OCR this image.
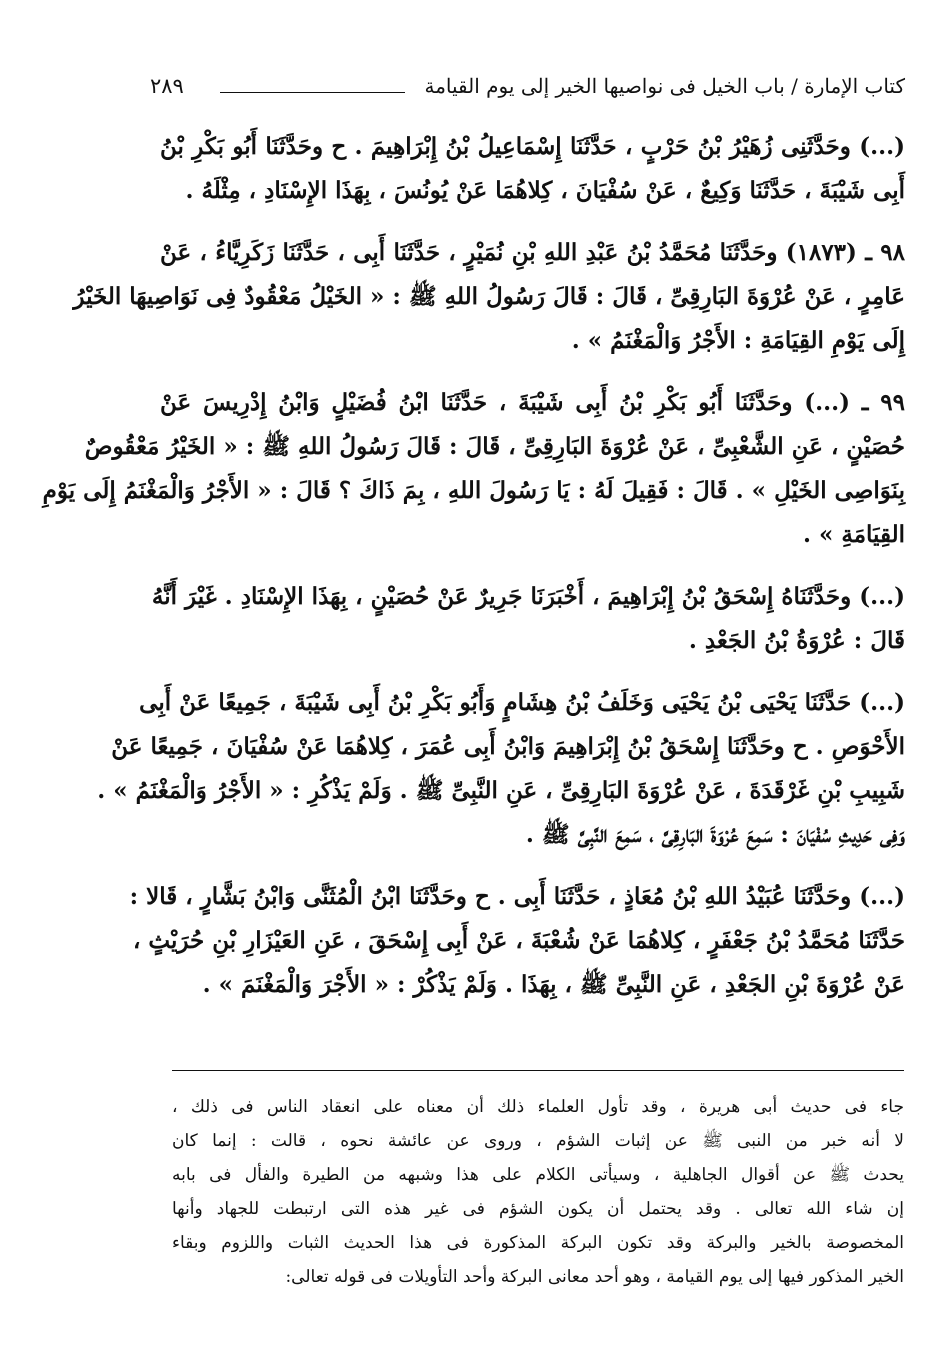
٢٨٩	كتاب الإمارة / باب الخيل فى نواصيها الخير إلى يوم القيامة
(...) وحَدَّثَنِى زُهَيْرُ بْنُ حَرْبٍ ، حَدَّثَنَا إِسْمَاعِيلُ بْنُ إِبْرَاهِيمَ . ح وحَدَّثَنَا أَبُو بَكْرِ بْنُ
أَبِى شَيْبَةَ ، حَدَّثَنَا وَكِيعٌ ، عَنْ سُفْيَانَ ، كِلاهُمَا عَنْ يُونُسَ ، بِهَذَا الإِسْنَادِ ، مِثْلَهُ .
٩٨ ـ (١٨٧٣) وحَدَّثَنَا مُحَمَّدُ بْنُ عَبْدِ اللهِ بْنِ نُمَيْرٍ ، حَدَّثَنَا أَبِى ، حَدَّثَنَا زَكَرِيَّاءُ ، عَنْ
عَامِرٍ ، عَنْ عُرْوَةَ البَارِقِىِّ ، قَالَ : قَالَ رَسُولُ اللهِ ﷺ : « الخَيْلُ مَعْقُودٌ فِى نَوَاصِيهَا الخَيْرُ
إِلَى يَوْمِ القِيَامَةِ : الأَجْرُ وَالْمَغْنَمُ » .
٩٩ ـ (...) وحَدَّثَنَا أَبُو بَكْرِ بْنُ أَبِى شَيْبَةَ ، حَدَّثَنَا ابْنُ فُضَيْلٍ وَابْنُ إِدْرِيسَ عَنْ
حُصَيْنٍ ، عَنِ الشَّعْبِىِّ ، عَنْ عُرْوَةَ البَارِقِىِّ ، قَالَ : قَالَ رَسُولُ اللهِ ﷺ : « الخَيْرُ مَعْقُوصٌ
بِنَوَاصِى الخَيْلِ » . قَالَ : فَقِيلَ لَهُ : يَا رَسُولَ اللهِ ، بِمَ ذَاكَ ؟ قَالَ : « الأَجْرُ وَالْمَغْنَمُ إِلَى يَوْمِ
القِيَامَةِ » .
(...) وحَدَّثَنَاهُ إِسْحَقُ بْنُ إِبْرَاهِيمَ ، أَخْبَرَنَا جَرِيرٌ عَنْ حُصَيْنٍ ، بِهَذَا الإِسْنَادِ . غَيْرَ أَنَّهُ
قَالَ : عُرْوَةُ بْنُ الجَعْدِ .
(...) حَدَّثَنَا يَحْيَى بْنُ يَحْيَى وَخَلَفُ بْنُ هِشَامٍ وَأَبُو بَكْرِ بْنُ أَبِى شَيْبَةَ ، جَمِيعًا عَنْ أَبِى
الأَحْوَصِ . ح وحَدَّثَنَا إِسْحَقُ بْنُ إِبْرَاهِيمَ وَابْنُ أَبِى عُمَرَ ، كِلاهُمَا عَنْ سُفْيَانَ ، جَمِيعًا عَنْ
شَبِيبِ بْنِ غَرْقَدَةَ ، عَنْ عُرْوَةَ البَارِقِىِّ ، عَنِ النَّبِىِّ ﷺ . وَلَمْ يَذْكُرِ : « الأَجْرُ وَالْمَغْنَمُ » .
وَفِى حَدِيثِ سُفْيَانَ : سَمِعَ عُرْوَةَ البَارِقِىَّ ، سَمِعَ النَّبِىَّ ﷺ .
(...) وحَدَّثَنَا عُبَيْدُ اللهِ بْنُ مُعَاذٍ ، حَدَّثَنَا أَبِى . ح وحَدَّثَنَا ابْنُ الْمُثَنَّى وَابْنُ بَشَّارٍ ، قَالا :
حَدَّثَنَا مُحَمَّدُ بْنُ جَعْفَرٍ ، كِلاهُمَا عَنْ شُعْبَةَ ، عَنْ أَبِى إِسْحَقَ ، عَنِ العَيْزَارِ بْنِ حُرَيْثٍ ،
عَنْ عُرْوَةَ بْنِ الجَعْدِ ، عَنِ النَّبِىِّ ﷺ ، بِهَذَا . وَلَمْ يَذْكُرْ : « الأَجْرَ وَالْمَغْنَمَ » .
جاء فى حديث أبى هريرة ، وقد تأول العلماء ذلك أن معناه على انعقاد الناس فى ذلك ،
لا أنه خبر من النبى ﷺ عن إثبات الشؤم ، وروى عن عائشة نحوه ، قالت : إنما كان
يحدث ﷺ عن أقوال الجاهلية ، وسيأتى الكلام على هذا وشبهه من الطيرة والفأل فى بابه
إن شاء الله تعالى . وقد يحتمل أن يكون الشؤم فى غير هذه التى ارتبطت للجهاد وأنها
المخصوصة بالخير والبركة وقد تكون البركة المذكورة فى هذا الحديث الثبات واللزوم وبقاء
الخير المذكور فيها إلى يوم القيامة ، وهو أحد معانى البركة وأحد التأويلات فى قوله تعالى:
